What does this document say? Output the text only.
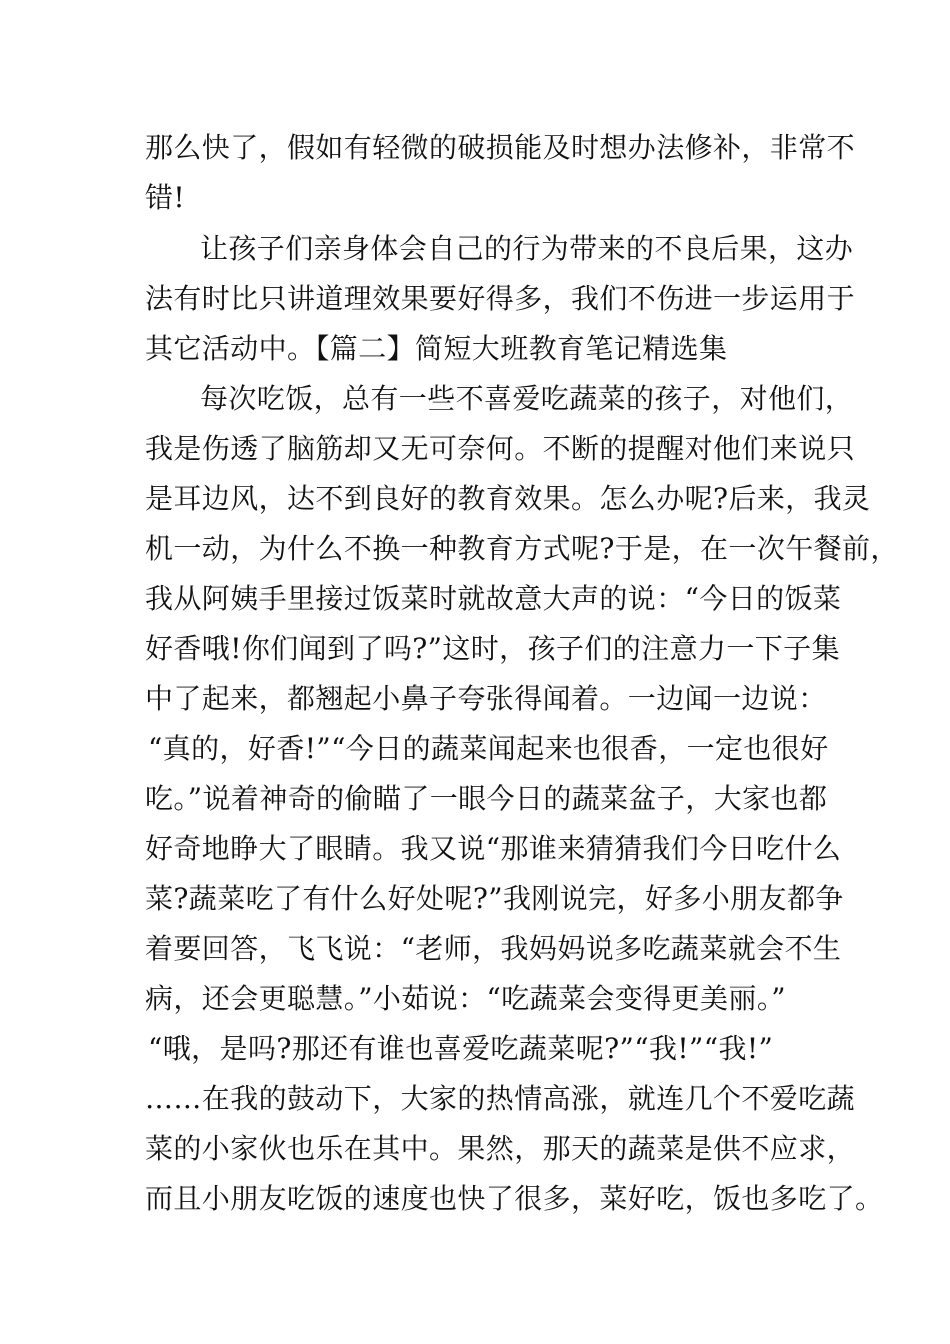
那么快了，假如有轻微的破损能及时想办法修补，非常不

错!

让孩子们亲身体会自己的行为带来的不良后果，这办

法有时比只讲道理效果要好得多，我们不伤进一步运用于

其它活动中。【篇二】简短大班教育笔记精选集

每次吃饭，总有一些不喜爱吃蔬菜的孩子，对他们，

我是伤透了脑筋却又无可奈何。不断的提醒对他们来说只

是耳边风，达不到良好的教育效果。怎么办呢?后来，我灵

机一动，为什么不换一种教育方式呢?于是，在一次午餐前，

我从阿姨手里接过饭菜时就故意大声的说：“今日的饭菜

好香哦!你们闻到了吗?”这时，孩子们的注意力一下子集

中了起来，都翘起小鼻子夸张得闻着。一边闻一边说：

“真的，好香!”“今日的蔬菜闻起来也很香，一定也很好

吃。”说着神奇的偷瞄了一眼今日的蔬菜盆子，大家也都

好奇地睁大了眼睛。我又说“那谁来猜猜我们今日吃什么

菜?蔬菜吃了有什么好处呢?”我刚说完，好多小朋友都争

着要回答，飞飞说：“老师，我妈妈说多吃蔬菜就会不生

病，还会更聪慧。”小茹说：“吃蔬菜会变得更美丽。”

“哦，是吗?那还有谁也喜爱吃蔬菜呢?”“我!”“我!”

……在我的鼓动下，大家的热情高涨，就连几个不爱吃蔬

菜的小家伙也乐在其中。果然，那天的蔬菜是供不应求，

而且小朋友吃饭的速度也快了很多，菜好吃，饭也多吃了。
